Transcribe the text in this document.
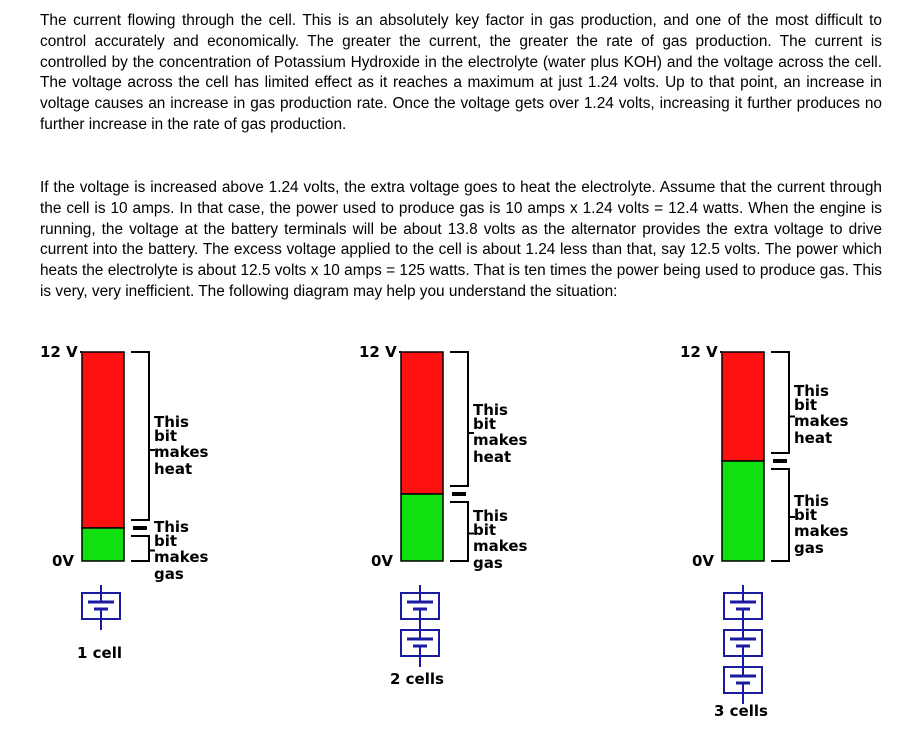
The current flowing through the cell. This is an absolutely key factor in gas production, and one of the most difficult to control accurately and economically. The greater the current, the greater the rate of gas production. The current is controlled by the concentration of Potassium Hydroxide in the electrolyte (water plus KOH) and the voltage across the cell. The voltage across the cell has limited effect as it reaches a maximum at just 1.24 volts. Up to that point, an increase in voltage causes an increase in gas production rate. Once the voltage gets over 1.24 volts, increasing it further produces no further increase in the rate of gas production.

If the voltage is increased above 1.24 volts, the extra voltage goes to heat the electrolyte. Assume that the current through the cell is 10 amps. In that case, the power used to produce gas is 10 amps x 1.24 volts = 12.4 watts. When the engine is running, the voltage at the battery terminals will be about 13.8 volts as the alternator provides the extra voltage to drive current into the battery. The excess voltage applied to the cell is about 1.24 less than that, say 12.5 volts. The power which heats the electrolyte is about 12.5 volts x 10 amps = 125 watts. That is ten times the power being used to produce gas. This is very, very inefficient. The following diagram may help you understand the situation:

12 V
0V
This
bit
makes
heat
This
bit
makes
gas
1 cell
12 V
0V
This
bit
makes
heat
This
bit
makes
gas
2 cells
12 V
0V
This
bit
makes
heat
This
bit
makes
gas
3 cells
